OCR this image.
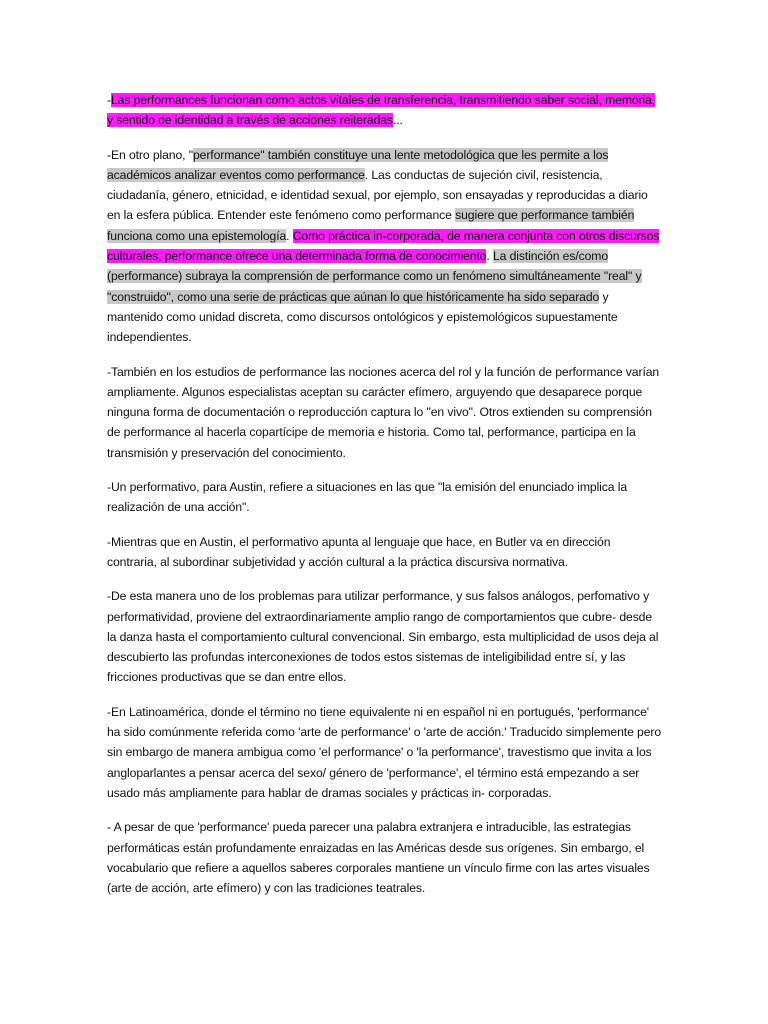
-Las performances funcionan como actos vitales de transferencia, transmitiendo saber social, memoria, y sentido de identidad a través de acciones reiteradas...

-En otro plano, "performance" también constituye una lente metodológica que les permite a los académicos analizar eventos como performance. Las conductas de sujeción civil, resistencia, ciudadanía, género, etnicidad, e identidad sexual, por ejemplo, son ensayadas y reproducidas a diario en la esfera pública. Entender este fenómeno como performance sugiere que performance también funciona como una epistemología. Como práctica in-corporada, de manera conjunta con otros discursos culturales, performance ofrece una determinada forma de conocimiento. La distinción es/como (performance) subraya la comprensión de performance como un fenómeno simultáneamente "real" y "construido", como una serie de prácticas que aúnan lo que históricamente ha sido separado y mantenido como unidad discreta, como discursos ontológicos y epistemológicos supuestamente independientes.

-También en los estudios de performance las nociones acerca del rol y la función de performance varían ampliamente. Algunos especialistas aceptan su carácter efímero, arguyendo que desaparece porque ninguna forma de documentación o reproducción captura lo "en vivo". Otros extienden su comprensión de performance al hacerla copartícipe de memoria e historia. Como tal, performance, participa en la transmisión y preservación del conocimiento.

-Un performativo, para Austin, refiere a situaciones en las que "la emisión del enunciado implica la realización de una acción".

-Mientras que en Austin, el performativo apunta al lenguaje que hace, en Butler va en dirección contraria, al subordinar subjetividad y acción cultural a la práctica discursiva normativa.

-De esta manera uno de los problemas para utilizar performance, y sus falsos análogos, perfomativo y performatividad, proviene del extraordinariamente amplio rango de comportamientos que cubre- desde la danza hasta el comportamiento cultural convencional. Sin embargo, esta multiplicidad de usos deja al descubierto las profundas interconexiones de todos estos sistemas de inteligibilidad entre sí, y las fricciones productivas que se dan entre ellos.

-En Latinoamérica, donde el término no tiene equivalente ni en español ni en portugués, 'performance' ha sido comúnmente referida como 'arte de performance' o 'arte de acción.' Traducido simplemente pero sin embargo de manera ambigua como 'el performance' o 'la performance', travestismo que invita a los angloparlantes a pensar acerca del sexo/ género de 'performance', el término está empezando a ser usado más ampliamente para hablar de dramas sociales y prácticas in- corporadas.

- A pesar de que 'performance' pueda parecer una palabra extranjera e intraducible, las estrategias performáticas están profundamente enraizadas en las Américas desde sus orígenes. Sin embargo, el vocabulario que refiere a aquellos saberes corporales mantiene un vínculo firme con las artes visuales (arte de acción, arte efímero) y con las tradiciones teatrales.
